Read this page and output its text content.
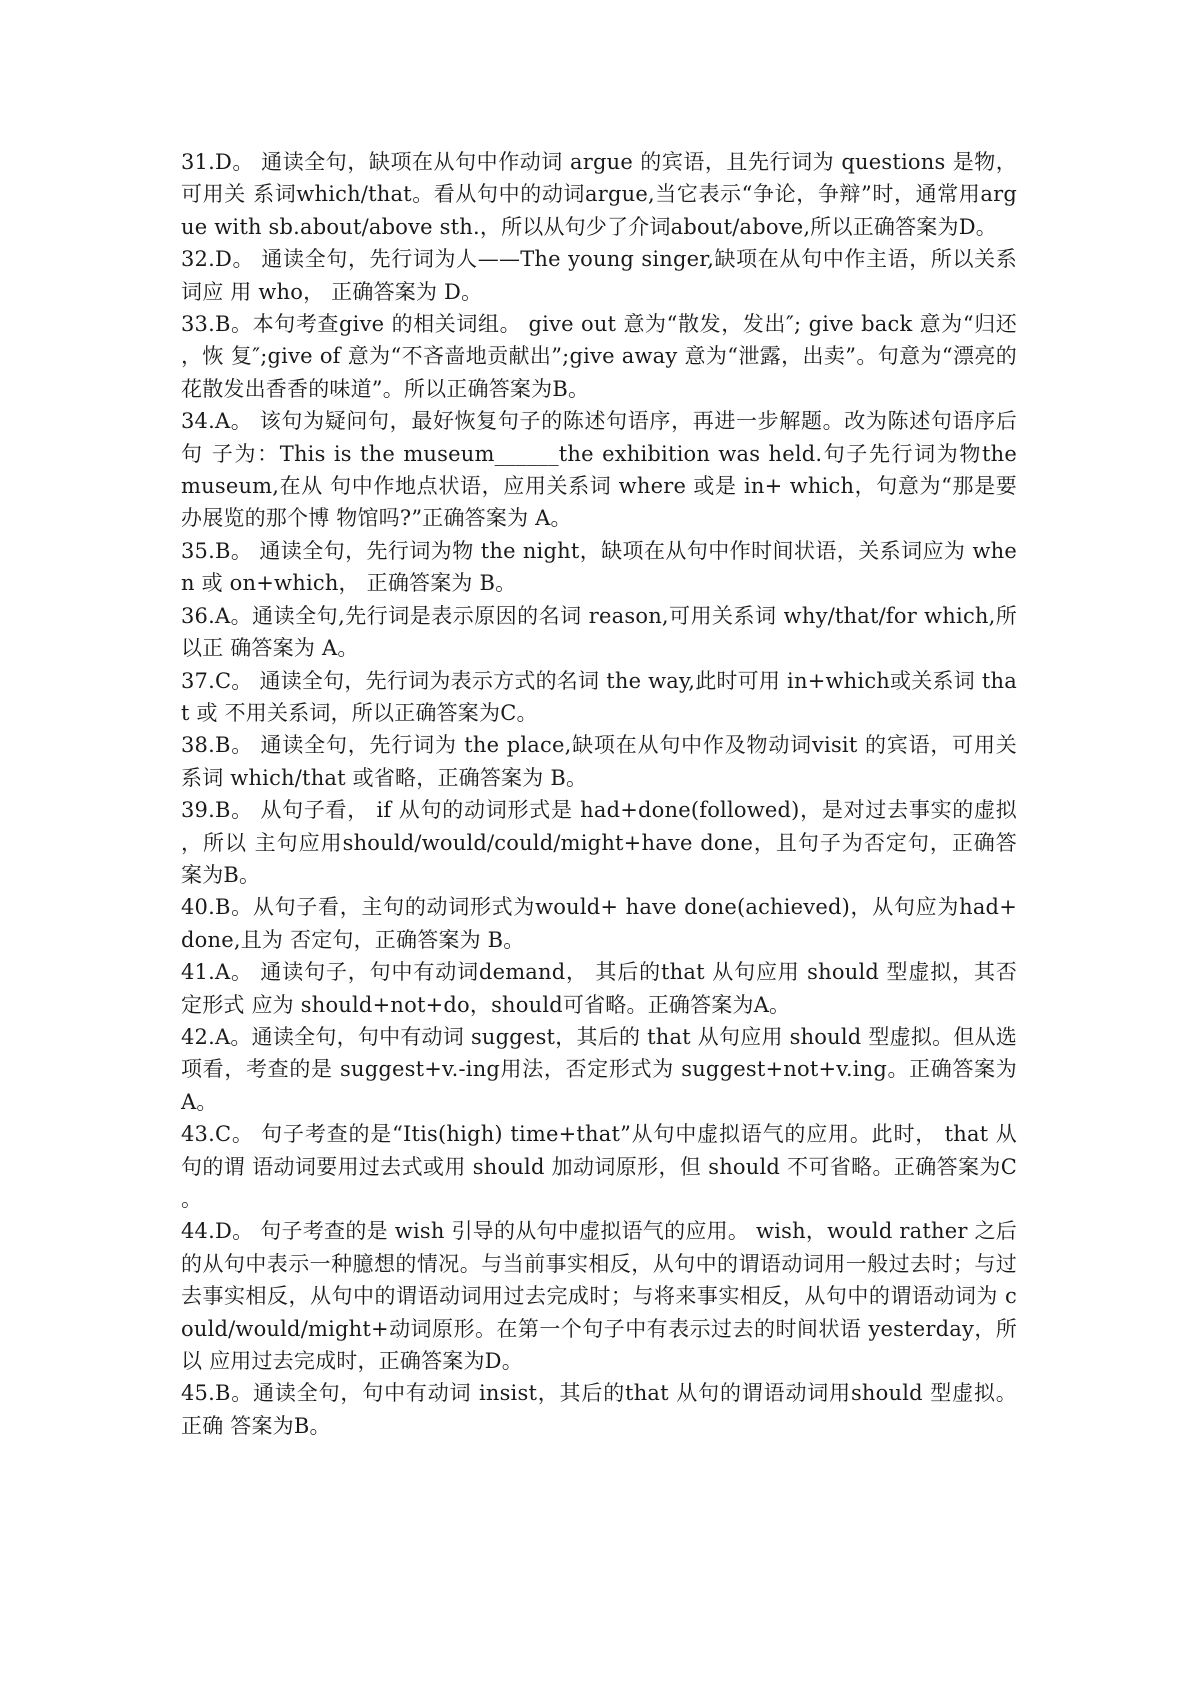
31.D。 通读全句，缺项在从句中作动词 argue 的宾语，且先行词为 questions 是物，可用关 系词which/that。看从句中的动词argue,当它表示“争论，争辩”时，通常用argue with sb.about/above sth.，所以从句少了介词about/above,所以正确答案为D。

32.D。 通读全句，先行词为人——The young singer,缺项在从句中作主语，所以关系词应 用 who， 正确答案为 D。

33.B。本句考查give 的相关词组。 give out 意为“散发，发出″; give back 意为“归还，恢 复″;give of 意为“不吝啬地贡献出”;give away 意为“泄露，出卖”。句意为“漂亮的 花散发出香香的味道”。所以正确答案为B。

34.A。 该句为疑问句，最好恢复句子的陈述句语序，再进一步解题。改为陈述句语序后句 子为：This is the museum______the exhibition was held.句子先行词为物the museum,在从 句中作地点状语，应用关系词 where 或是 in+ which，句意为“那是要办展览的那个博 物馆吗?”正确答案为 A。

35.B。 通读全句，先行词为物 the night，缺项在从句中作时间状语，关系词应为 when 或 on+which， 正确答案为 B。

36.A。通读全句,先行词是表示原因的名词 reason,可用关系词 why/that/for which,所以正 确答案为 A。

37.C。 通读全句，先行词为表示方式的名词 the way,此时可用 in+which或关系词 that 或 不用关系词，所以正确答案为C。

38.B。 通读全句，先行词为 the place,缺项在从句中作及物动词visit 的宾语，可用关系词 which/that 或省略，正确答案为 B。

39.B。 从句子看， if 从句的动词形式是 had+done(followed)，是对过去事实的虚拟，所以 主句应用should/would/could/might+have done，且句子为否定句，正确答案为B。

40.B。从句子看，主句的动词形式为would+ have done(achieved)，从句应为had+ done,且为 否定句，正确答案为 B。

41.A。 通读句子，句中有动词demand， 其后的that 从句应用 should 型虚拟，其否定形式 应为 should+not+do，should可省略。正确答案为A。

42.A。通读全句，句中有动词 suggest，其后的 that 从句应用 should 型虚拟。但从选项看，考查的是 suggest+v.-ing用法，否定形式为 suggest+not+v.ing。正确答案为 A。

43.C。 句子考查的是“Itis(high) time+that”从句中虚拟语气的应用。此时， that 从句的谓 语动词要用过去式或用 should 加动词原形，但 should 不可省略。正确答案为C。

44.D。 句子考查的是 wish 引导的从句中虚拟语气的应用。 wish，would rather 之后的从句中表示一种臆想的情况。与当前事实相反，从句中的谓语动词用一般过去时；与过去事实相反，从句中的谓语动词用过去完成时；与将来事实相反，从句中的谓语动词为 could/would/might+动词原形。在第一个句子中有表示过去的时间状语 yesterday，所以 应用过去完成时，正确答案为D。

45.B。通读全句，句中有动词 insist，其后的that 从句的谓语动词用should 型虚拟。正确 答案为B。
